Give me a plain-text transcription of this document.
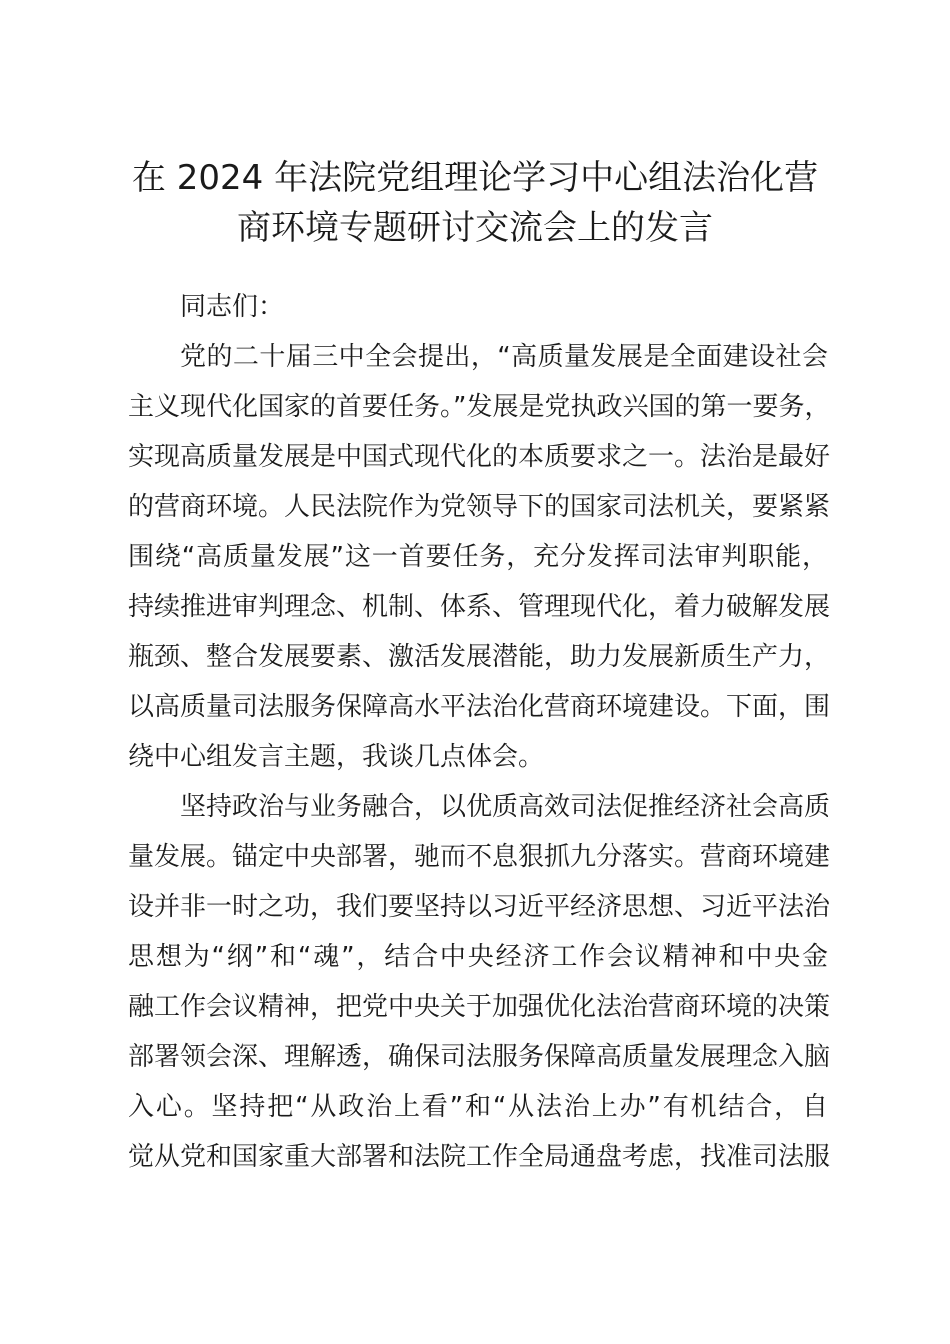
在 2024 年法院党组理论学习中心组法治化营
商环境专题研讨交流会上的发言
同志们：
党的二十届三中全会提出，“高质量发展是全面建设社会
主义现代化国家的首要任务。”发展是党执政兴国的第一要务，
实现高质量发展是中国式现代化的本质要求之一。法治是最好
的营商环境。人民法院作为党领导下的国家司法机关，要紧紧
围绕“高质量发展”这一首要任务，充分发挥司法审判职能，
持续推进审判理念、机制、体系、管理现代化，着力破解发展
瓶颈、整合发展要素、激活发展潜能，助力发展新质生产力，
以高质量司法服务保障高水平法治化营商环境建设。下面，围
绕中心组发言主题，我谈几点体会。
坚持政治与业务融合，以优质高效司法促推经济社会高质
量发展。锚定中央部署，驰而不息狠抓九分落实。营商环境建
设并非一时之功，我们要坚持以习近平经济思想、习近平法治
思想为“纲”和“魂”，结合中央经济工作会议精神和中央金
融工作会议精神，把党中央关于加强优化法治营商环境的决策
部署领会深、理解透，确保司法服务保障高质量发展理念入脑
入心。坚持把“从政治上看”和“从法治上办”有机结合，自
觉从党和国家重大部署和法院工作全局通盘考虑，找准司法服
